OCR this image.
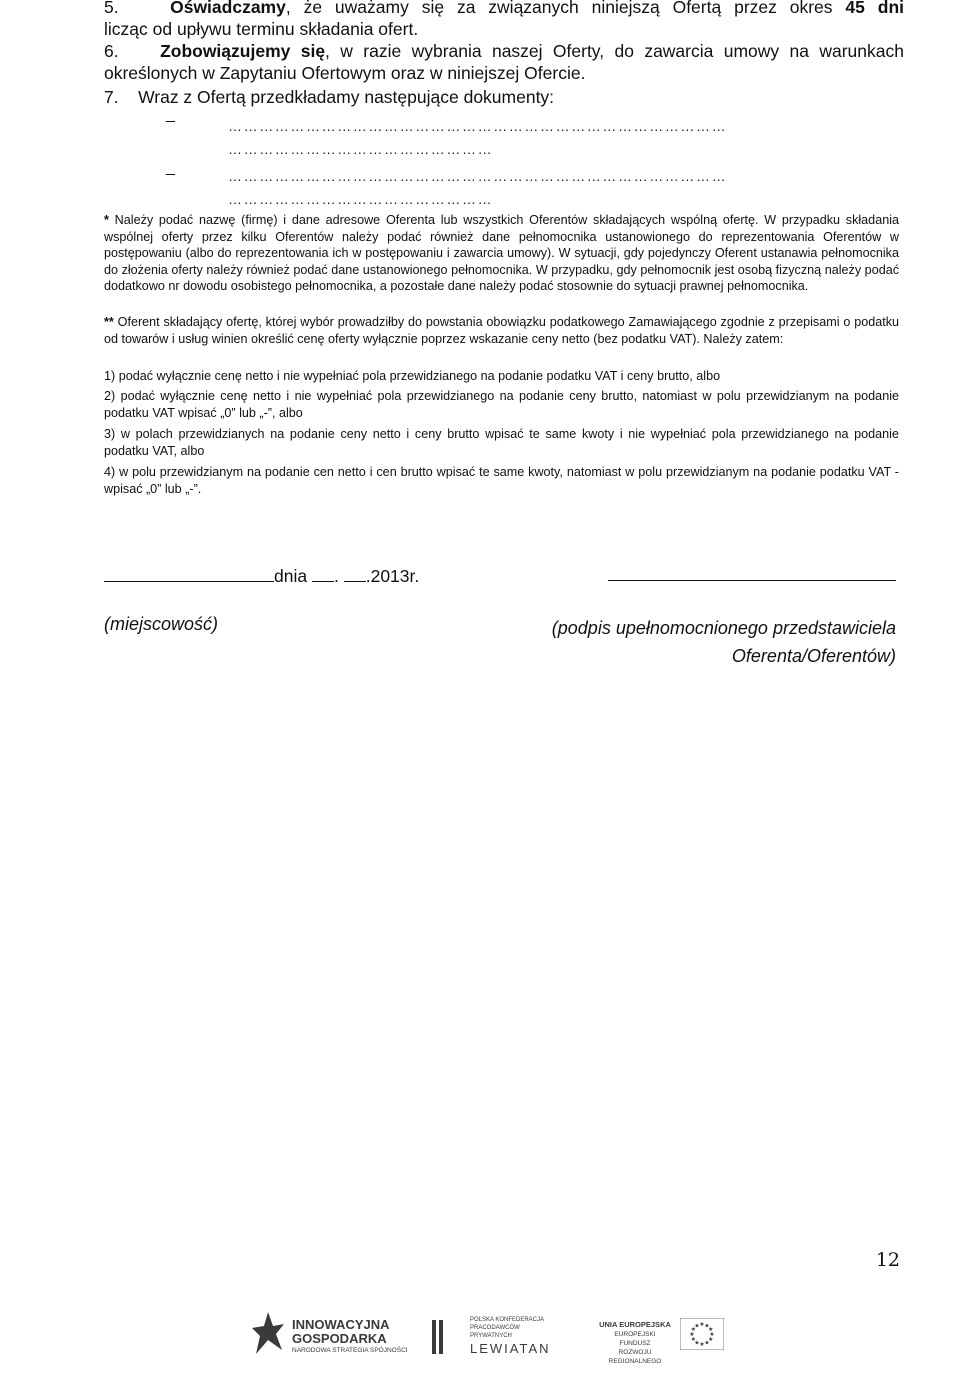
5.	Oświadczamy, że uważamy się za związanych niniejszą Ofertą przez okres 45 dni
licząc od upływu terminu składania ofert.
6. Zobowiązujemy się, w razie wybrania naszej Oferty, do zawarcia umowy na warunkach określonych w Zapytaniu Ofertowym oraz w niniejszej Ofercie.
7. Wraz z Ofertą przedkładamy następujące dokumenty:
_
……………………………………………………………………………………
……………………………………………
_	……………………………………………………………………………………
……………………………………………
* Należy podać nazwę (firmę) i dane adresowe Oferenta lub wszystkich Oferentów składających wspólną ofertę. W przypadku składania wspólnej oferty przez kilku Oferentów należy podać również dane pełnomocnika ustanowionego do reprezentowania Oferentów w postępowaniu (albo do reprezentowania ich w postępowaniu i zawarcia umowy). W sytuacji, gdy pojedynczy Oferent ustanawia pełnomocnika do złożenia oferty należy również podać dane ustanowionego pełnomocnika. W przypadku, gdy pełnomocnik jest osobą fizyczną należy podać dodatkowo nr dowodu osobistego pełnomocnika, a pozostałe dane należy podać stosownie do sytuacji prawnej pełnomocnika.
** Oferent składający ofertę, której wybór prowadziłby do powstania obowiązku podatkowego Zamawiającego zgodnie z przepisami o podatku od towarów i usług winien określić cenę oferty wyłącznie poprzez wskazanie ceny netto (bez podatku VAT). Należy zatem:
1) podać wyłącznie cenę netto i nie wypełniać pola przewidzianego na podanie podatku VAT i ceny brutto, albo
2) podać wyłącznie cenę netto i nie wypełniać pola przewidzianego na podanie ceny brutto, natomiast w polu przewidzianym na podanie podatku VAT wpisać „0” lub „-”, albo
3) w polach przewidzianych na podanie ceny netto i ceny brutto wpisać te same kwoty i nie wypełniać pola przewidzianego na podanie podatku VAT, albo
4) w polu przewidzianym na podanie cen netto i cen brutto wpisać te same kwoty, natomiast w polu przewidzianym na podanie podatku VAT - wpisać „0” lub „-”.
dnia . .2013r.
(miejscowość)	(podpis upełnomocnionego przedstawiciela
Oferenta/Oferentów)
12
INNOWACYJNA
GOSPODARKA
NARODOWA STRATEGIA SPÓJNOŚCI
POLSKA KONFEDERACJA
PRACODAWCÓW PRYWATNYCH
LEWIATAN
UNIA EUROPEJSKA
EUROPEJSKI FUNDUSZ
ROZWOJU REGIONALNEGO
★
★
★
★
★
★
★
★
★ ★ ★
★
